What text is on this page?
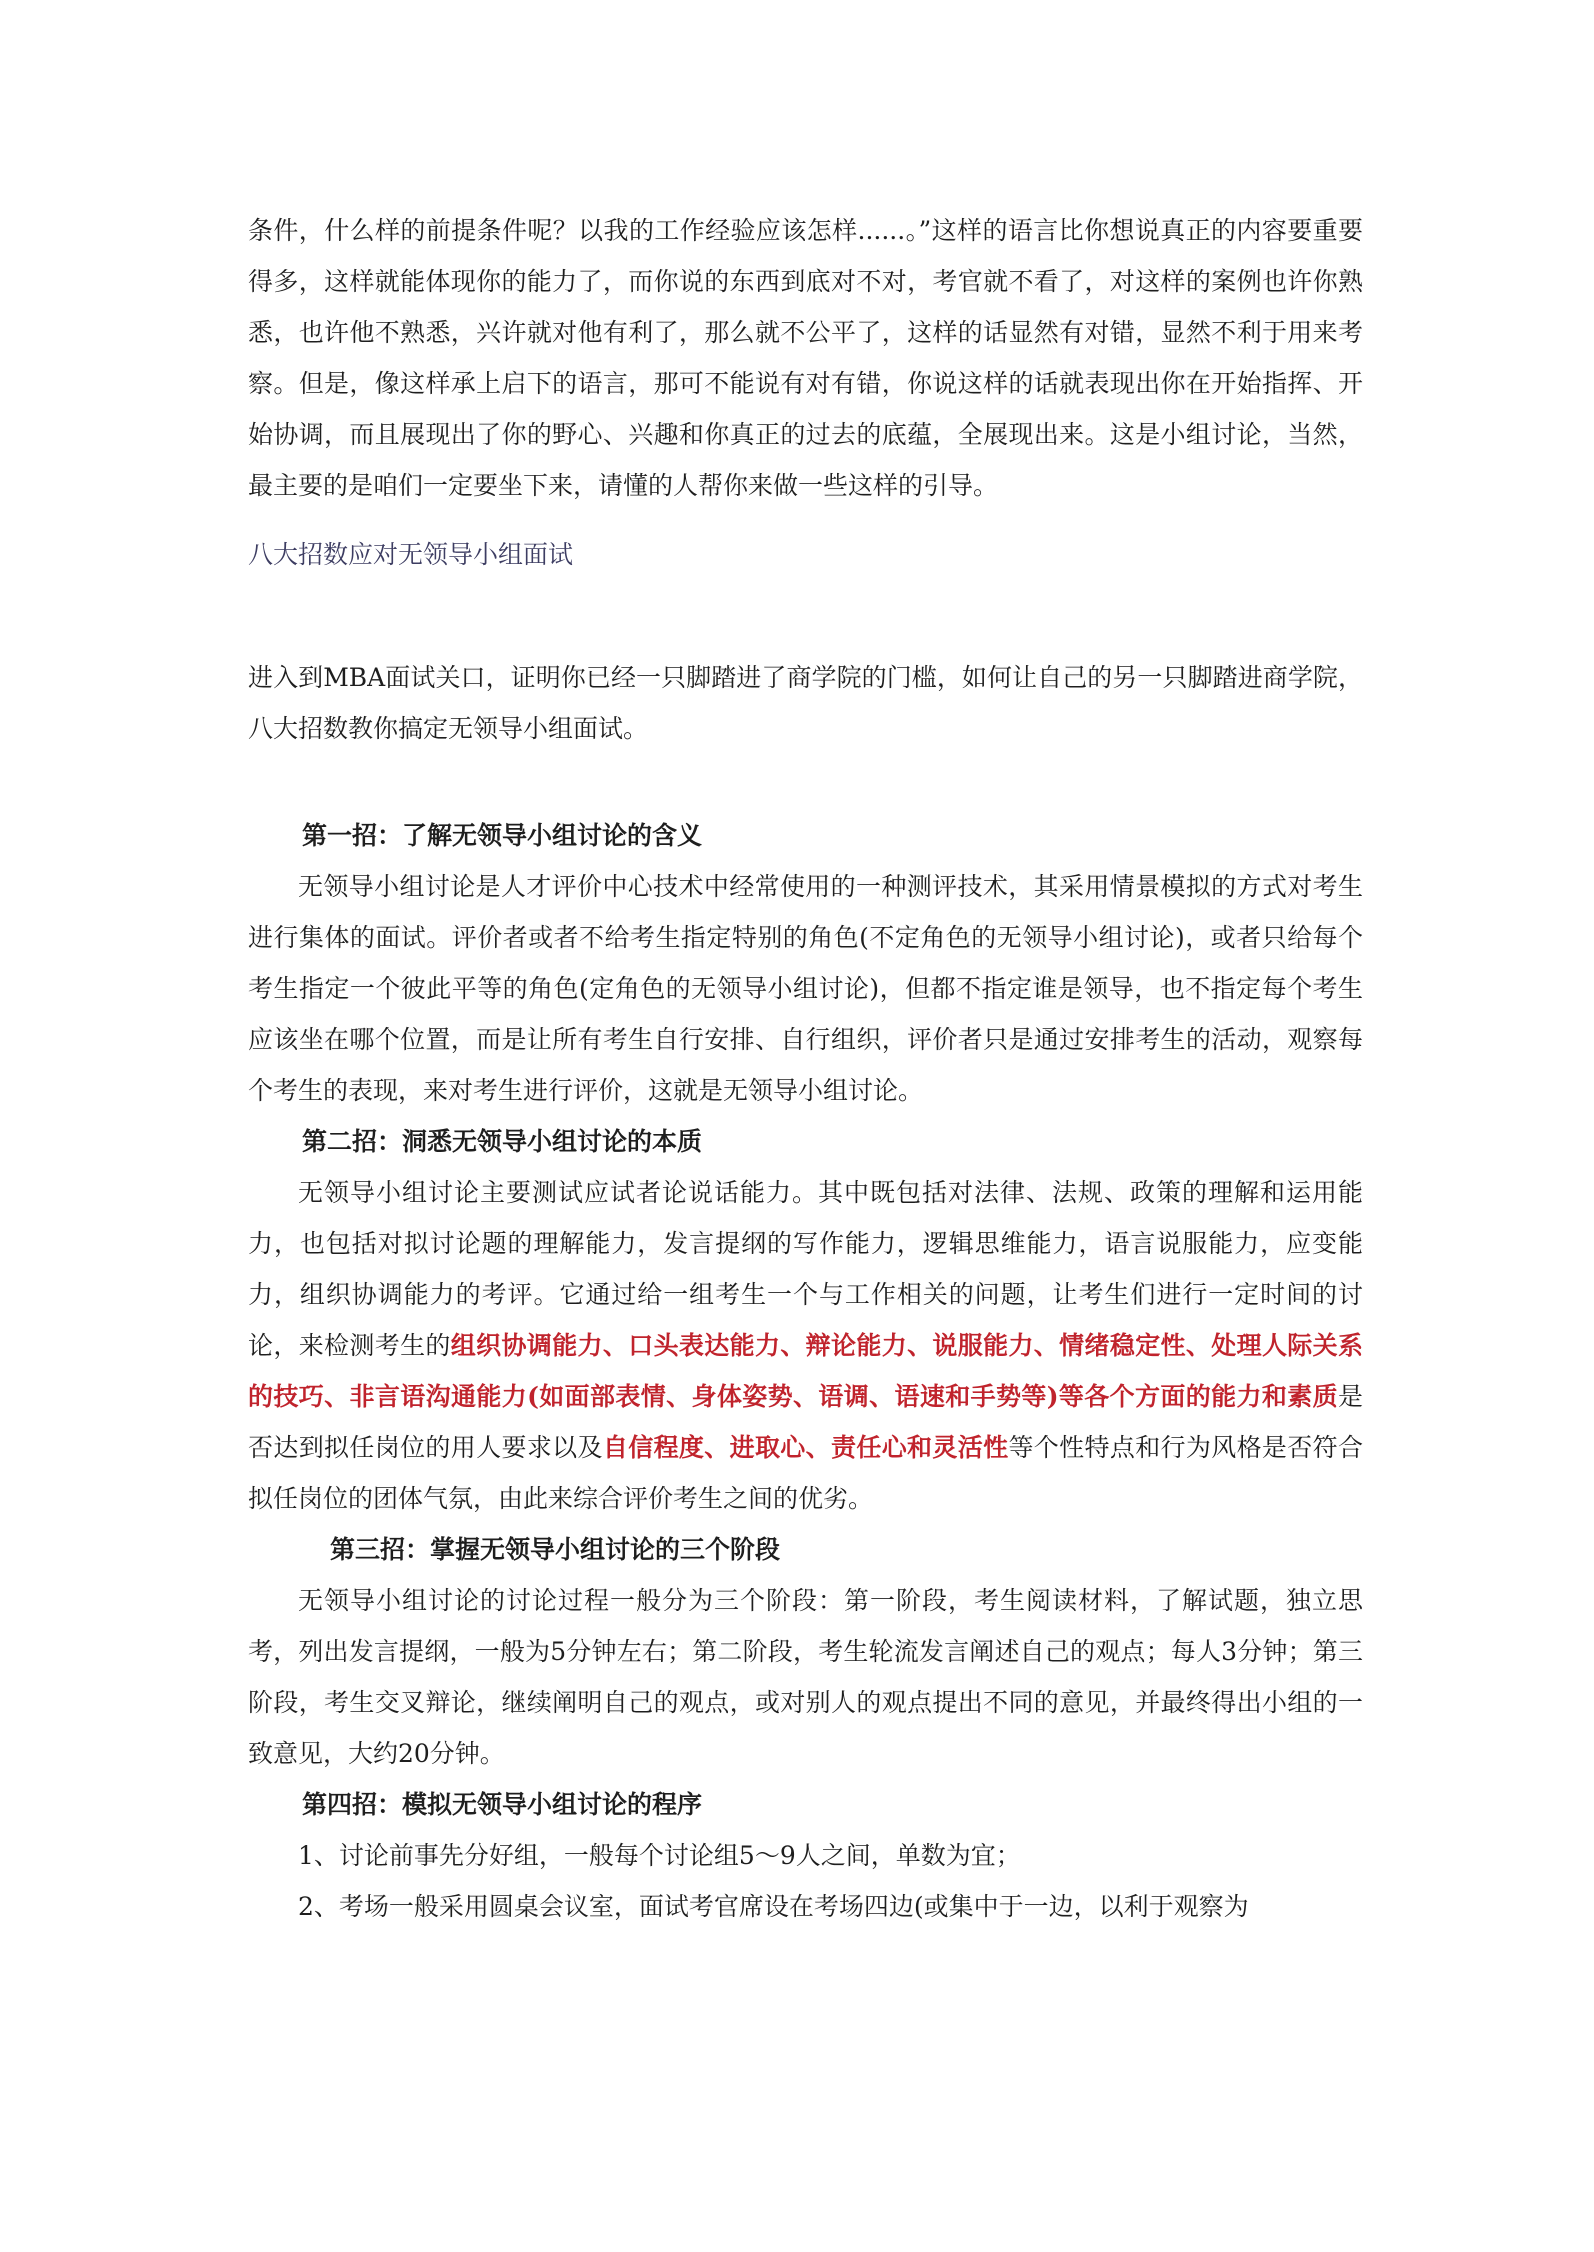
条件，什么样的前提条件呢？以我的工作经验应该怎样......。”这样的语言比你想说真正的内容要重要得多，这样就能体现你的能力了，而你说的东西到底对不对，考官就不看了，对这样的案例也许你熟悉，也许他不熟悉，兴许就对他有利了，那么就不公平了，这样的话显然有对错，显然不利于用来考察。但是，像这样承上启下的语言，那可不能说有对有错，你说这样的话就表现出你在开始指挥、开始协调，而且展现出了你的野心、兴趣和你真正的过去的底蕴，全展现出来。这是小组讨论，当然，最主要的是咱们一定要坐下来，请懂的人帮你来做一些这样的引导。

八大招数应对无领导小组面试

进入到MBA面试关口，证明你已经一只脚踏进了商学院的门槛，如何让自己的另一只脚踏进商学院，八大招数教你搞定无领导小组面试。

第一招：了解无领导小组讨论的含义

无领导小组讨论是人才评价中心技术中经常使用的一种测评技术，其采用情景模拟的方式对考生进行集体的面试。评价者或者不给考生指定特别的角色(不定角色的无领导小组讨论)，或者只给每个考生指定一个彼此平等的角色(定角色的无领导小组讨论)，但都不指定谁是领导，也不指定每个考生应该坐在哪个位置，而是让所有考生自行安排、自行组织，评价者只是通过安排考生的活动，观察每个考生的表现，来对考生进行评价，这就是无领导小组讨论。

第二招：洞悉无领导小组讨论的本质

无领导小组讨论主要测试应试者论说话能力。其中既包括对法律、法规、政策的理解和运用能力，也包括对拟讨论题的理解能力，发言提纲的写作能力，逻辑思维能力，语言说服能力，应变能力，组织协调能力的考评。它通过给一组考生一个与工作相关的问题，让考生们进行一定时间的讨论，来检测考生的组织协调能力、口头表达能力、辩论能力、说服能力、情绪稳定性、处理人际关系的技巧、非言语沟通能力(如面部表情、身体姿势、语调、语速和手势等)等各个方面的能力和素质是否达到拟任岗位的用人要求以及自信程度、进取心、责任心和灵活性等个性特点和行为风格是否符合拟任岗位的团体气氛，由此来综合评价考生之间的优劣。

第三招：掌握无领导小组讨论的三个阶段

无领导小组讨论的讨论过程一般分为三个阶段：第一阶段，考生阅读材料，了解试题，独立思考，列出发言提纲，一般为5分钟左右；第二阶段，考生轮流发言阐述自己的观点；每人3分钟；第三阶段，考生交叉辩论，继续阐明自己的观点，或对别人的观点提出不同的意见，并最终得出小组的一致意见，大约20分钟。

第四招：模拟无领导小组讨论的程序

1、讨论前事先分好组，一般每个讨论组5～9人之间，单数为宜；

2、考场一般采用圆桌会议室，面试考官席设在考场四边(或集中于一边，以利于观察为
